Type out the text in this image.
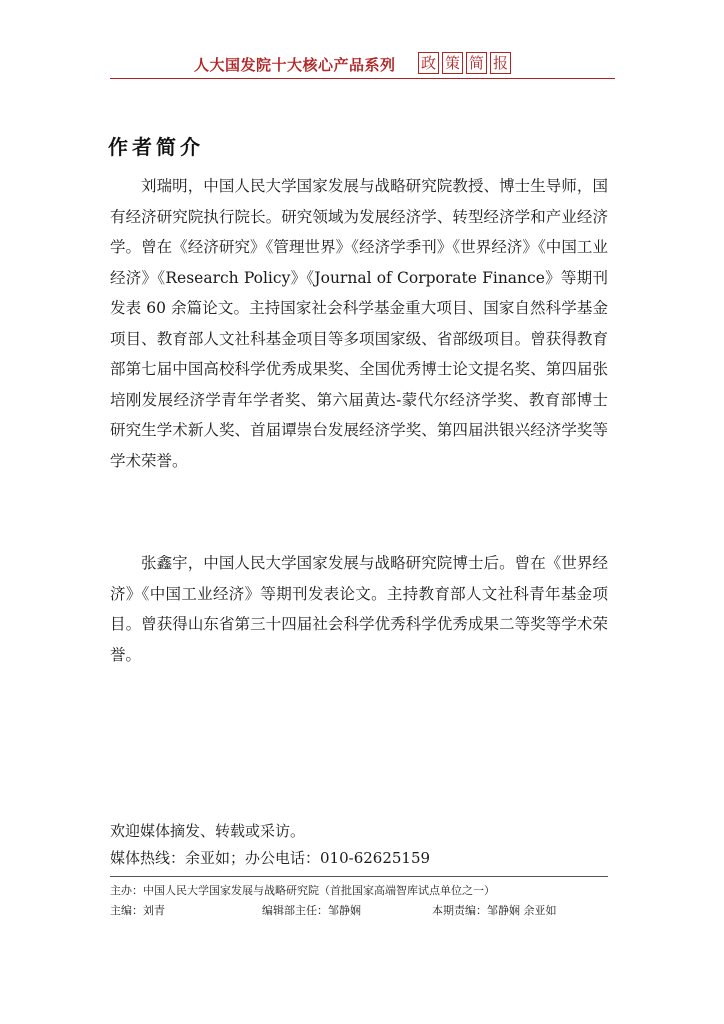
人大国发院十大核心产品系列 政 策 简 报
作者简介

刘瑞明，中国人民大学国家发展与战略研究院教授、博士生导师，国有经济研究院执行院长。研究领域为发展经济学、转型经济学和产业经济学。曾在《经济研究》《管理世界》《经济学季刊》《世界经济》《中国工业经济》《Research Policy》《Journal of Corporate Finance》等期刊发表 60 余篇论文。主持国家社会科学基金重大项目、国家自然科学基金项目、教育部人文社科基金项目等多项国家级、省部级项目。曾获得教育部第七届中国高校科学优秀成果奖、全国优秀博士论文提名奖、第四届张培刚发展经济学青年学者奖、第六届黄达-蒙代尔经济学奖、教育部博士研究生学术新人奖、首届谭崇台发展经济学奖、第四届洪银兴经济学奖等学术荣誉。

张鑫宇，中国人民大学国家发展与战略研究院博士后。曾在《世界经济》《中国工业经济》等期刊发表论文。主持教育部人文社科青年基金项目。曾获得山东省第三十四届社会科学优秀科学优秀成果二等奖等学术荣誉。

欢迎媒体摘发、转载或采访。
媒体热线：余亚如；办公电话：010-62625159
主办：中国人民大学国家发展与战略研究院（首批国家高端智库试点单位之一）
主编：刘青	编辑部主任：邹静娴	本期责编：邹静娴 余亚如
